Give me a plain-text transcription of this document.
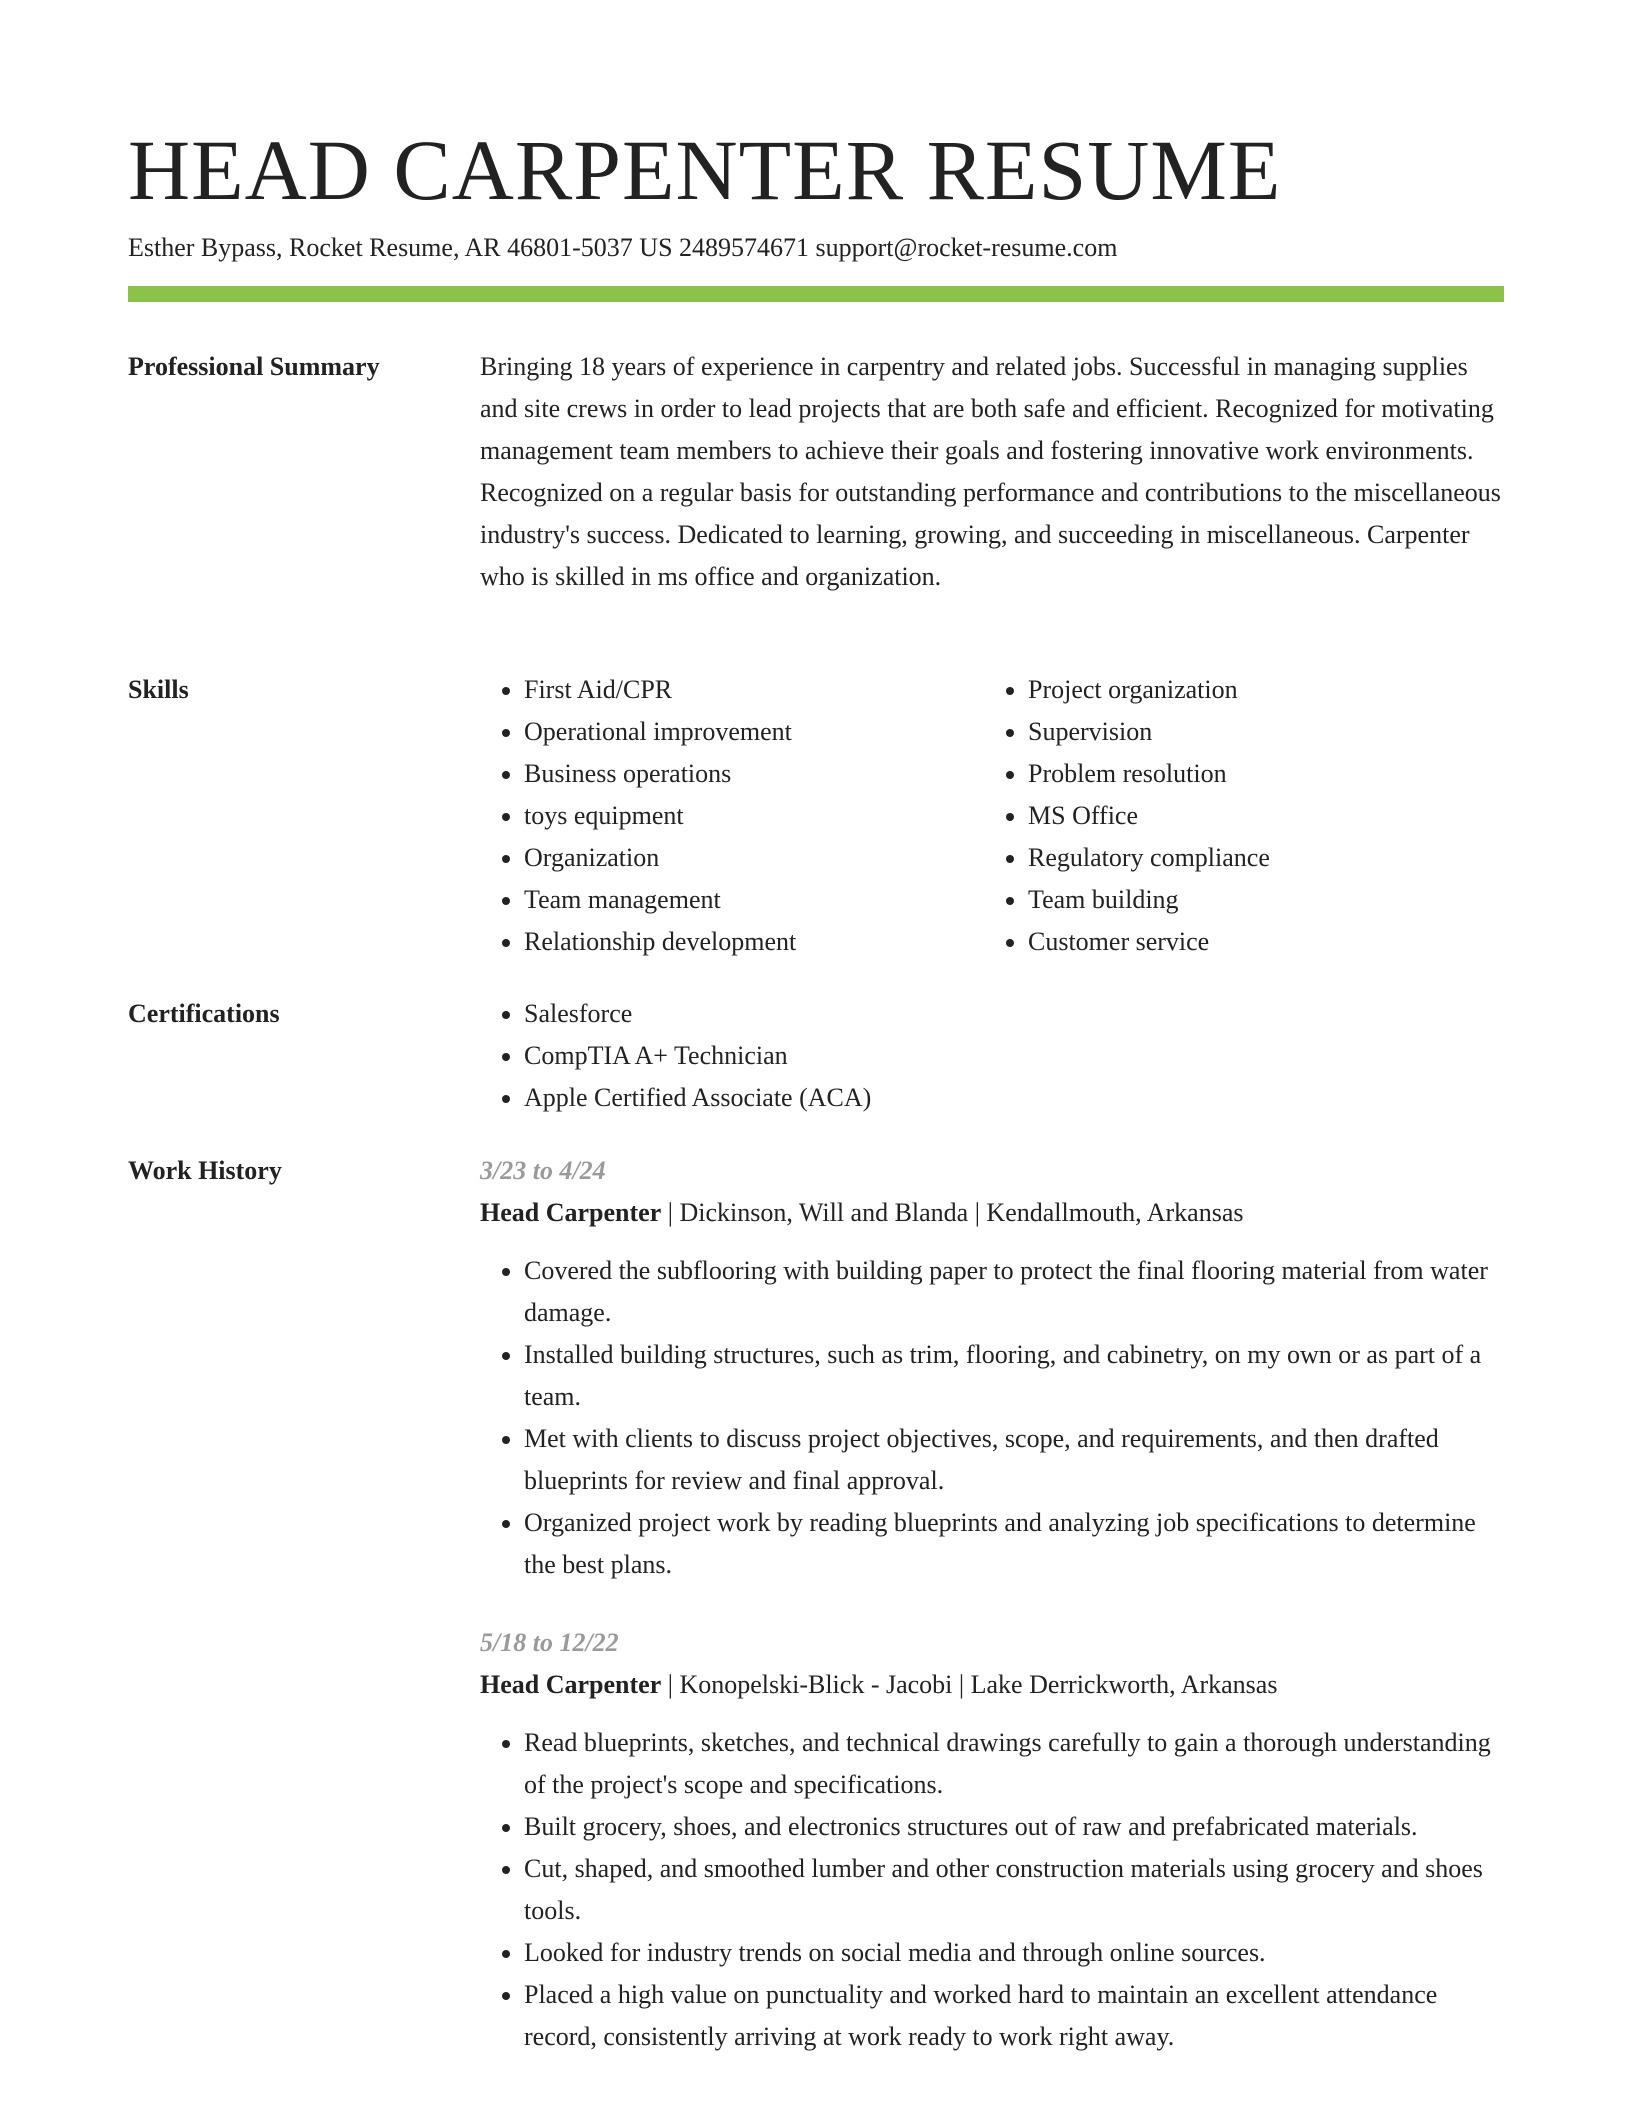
HEAD CARPENTER RESUME
Esther Bypass, Rocket Resume, AR 46801-5037 US 2489574671 support@rocket-resume.com
Professional Summary	Bringing 18 years of experience in carpentry and related jobs. Successful in managing supplies and site crews in order to lead projects that are both safe and efficient. Recognized for motivating management team members to achieve their goals and fostering innovative work environments. Recognized on a regular basis for outstanding performance and contributions to the miscellaneous industry's success. Dedicated to learning, growing, and succeeding in miscellaneous. Carpenter who is skilled in ms office and organization.

Skills	• First Aid/CPR
• Operational improvement
• Business operations
• toys equipment
• Organization
• Team management
• Relationship development
• Project organization
• Supervision
• Problem resolution
• MS Office
• Regulatory compliance
• Team building
• Customer service
Certifications	• Salesforce
• CompTIA A+ Technician
• Apple Certified Associate (ACA)
Work History	3/23 to 4/24
Head Carpenter | Dickinson, Will and Blanda | Kendallmouth, Arkansas
• Covered the subflooring with building paper to protect the final flooring material from water damage.
• Installed building structures, such as trim, flooring, and cabinetry, on my own or as part of a team.
• Met with clients to discuss project objectives, scope, and requirements, and then drafted blueprints for review and final approval.
• Organized project work by reading blueprints and analyzing job specifications to determine the best plans.
5/18 to 12/22
Head Carpenter | Konopelski-Blick - Jacobi | Lake Derrickworth, Arkansas
• Read blueprints, sketches, and technical drawings carefully to gain a thorough understanding of the project's scope and specifications.
• Built grocery, shoes, and electronics structures out of raw and prefabricated materials.
• Cut, shaped, and smoothed lumber and other construction materials using grocery and shoes tools.
• Looked for industry trends on social media and through online sources.
• Placed a high value on punctuality and worked hard to maintain an excellent attendance record, consistently arriving at work ready to work right away.
